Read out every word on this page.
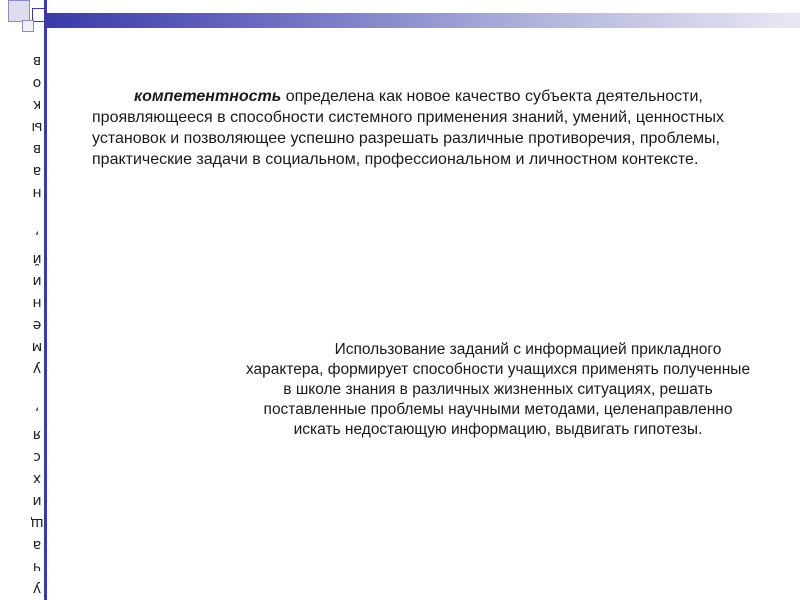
у
ч
а
щ
и
х
с
я
,

у
м
е
н
и
й
,

н
а
в
ы
к
о
в
компетентность определена как новое качество субъекта деятельности, проявляющееся в способности системного применения знаний, умений, ценностных установок и позволяющее успешно разрешать различные противоречия, проблемы, практические задачи в социальном, профессиональном и личностном контексте.
Использование заданий с информацией прикладного характера, формирует способности учащихся применять полученные в школе знания в различных жизненных ситуациях, решать поставленные проблемы научными методами, целенаправленно искать недостающую информацию, выдвигать гипотезы.
